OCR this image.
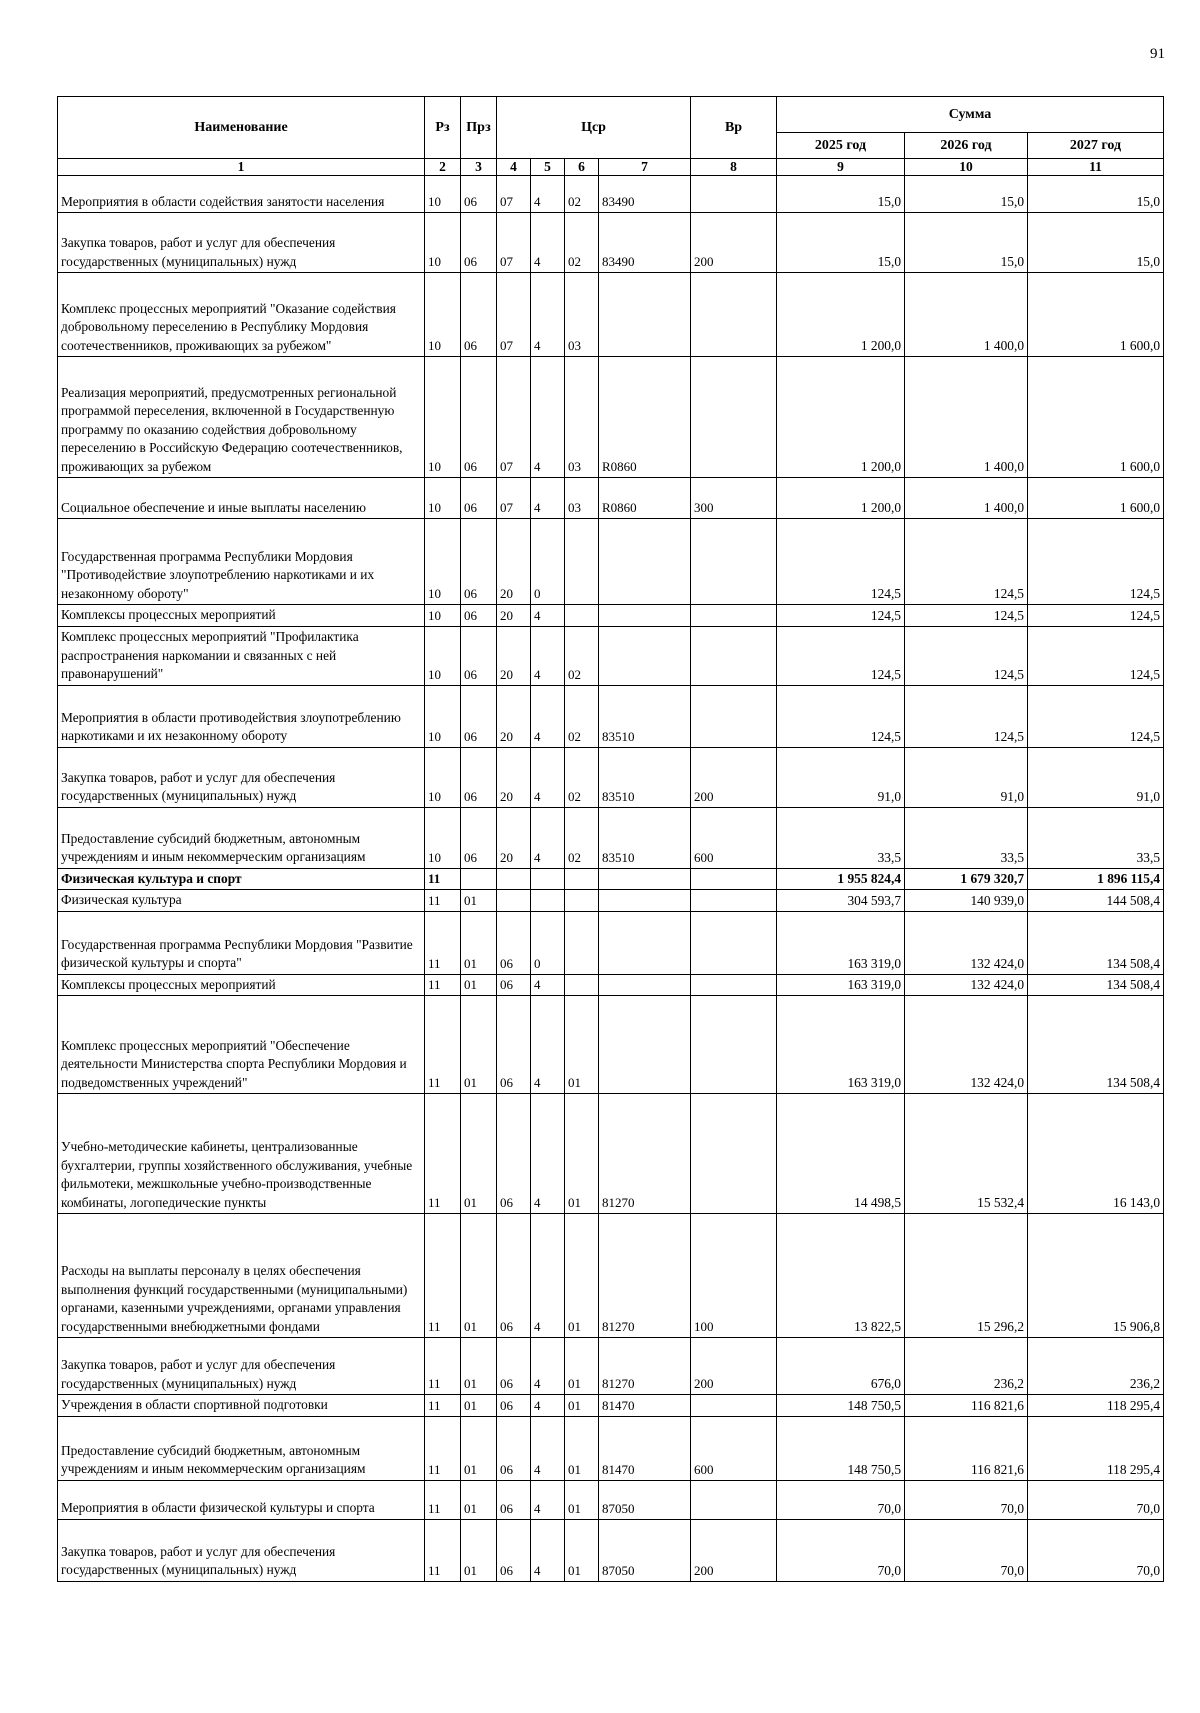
91
Наименование	Рз	Прз	Цср				Вр	Сумма		
								2025 год	2026 год	2027 год
1	2	3	4	5	6	7	8	9	10	11
Мероприятия в области содействия занятости населения	10	06	07	4	02	83490		15,0	15,0	15,0
Закупка товаров, работ и услуг для обеспечения государственных (муниципальных) нужд	10	06	07	4	02	83490	200	15,0	15,0	15,0
Комплекс процессных мероприятий "Оказание содействия добровольному переселению в Республику Мордовия соотечественников, проживающих за рубежом"	10	06	07	4	03			1 200,0	1 400,0	1 600,0
Реализация мероприятий, предусмотренных региональной программой переселения, включенной в Государственную программу по оказанию содействия добровольному переселению в Российскую Федерацию соотечественников, проживающих за рубежом	10	06	07	4	03	R0860		1 200,0	1 400,0	1 600,0
Социальное обеспечение и иные выплаты населению	10	06	07	4	03	R0860	300	1 200,0	1 400,0	1 600,0
Государственная программа Республики Мордовия "Противодействие злоупотреблению наркотиками и их незаконному обороту"	10	06	20	0				124,5	124,5	124,5
Комплексы процессных мероприятий	10	06	20	4				124,5	124,5	124,5
Комплекс процессных мероприятий "Профилактика распространения наркомании и связанных с ней правонарушений"	10	06	20	4	02			124,5	124,5	124,5
Мероприятия в области противодействия злоупотреблению наркотиками и их незаконному обороту	10	06	20	4	02	83510		124,5	124,5	124,5
Закупка товаров, работ и услуг для обеспечения государственных (муниципальных) нужд	10	06	20	4	02	83510	200	91,0	91,0	91,0
Предоставление субсидий бюджетным, автономным учреждениям и иным некоммерческим организациям	10	06	20	4	02	83510	600	33,5	33,5	33,5
Физическая культура и спорт	11							1 955 824,4	1 679 320,7	1 896 115,4
Физическая культура	11	01						304 593,7	140 939,0	144 508,4
Государственная программа Республики Мордовия "Развитие физической культуры и спорта"	11	01	06	0				163 319,0	132 424,0	134 508,4
Комплексы процессных мероприятий	11	01	06	4				163 319,0	132 424,0	134 508,4
Комплекс процессных мероприятий "Обеспечение деятельности Министерства спорта Республики Мордовия и подведомственных учреждений"	11	01	06	4	01			163 319,0	132 424,0	134 508,4
Учебно-методические кабинеты, централизованные бухгалтерии, группы хозяйственного обслуживания, учебные фильмотеки, межшкольные учебно-производственные комбинаты, логопедические пункты	11	01	06	4	01	81270		14 498,5	15 532,4	16 143,0
Расходы на выплаты персоналу в целях обеспечения выполнения функций государственными (муниципальными) органами, казенными учреждениями, органами управления государственными внебюджетными фондами	11	01	06	4	01	81270	100	13 822,5	15 296,2	15 906,8
Закупка товаров, работ и услуг для обеспечения государственных (муниципальных) нужд	11	01	06	4	01	81270	200	676,0	236,2	236,2
Учреждения в области спортивной подготовки	11	01	06	4	01	81470		148 750,5	116 821,6	118 295,4
Предоставление субсидий бюджетным, автономным учреждениям и иным некоммерческим организациям	11	01	06	4	01	81470	600	148 750,5	116 821,6	118 295,4
Мероприятия в области физической культуры и спорта	11	01	06	4	01	87050		70,0	70,0	70,0
Закупка товаров, работ и услуг для обеспечения государственных (муниципальных) нужд	11	01	06	4	01	87050	200	70,0	70,0	70,0
